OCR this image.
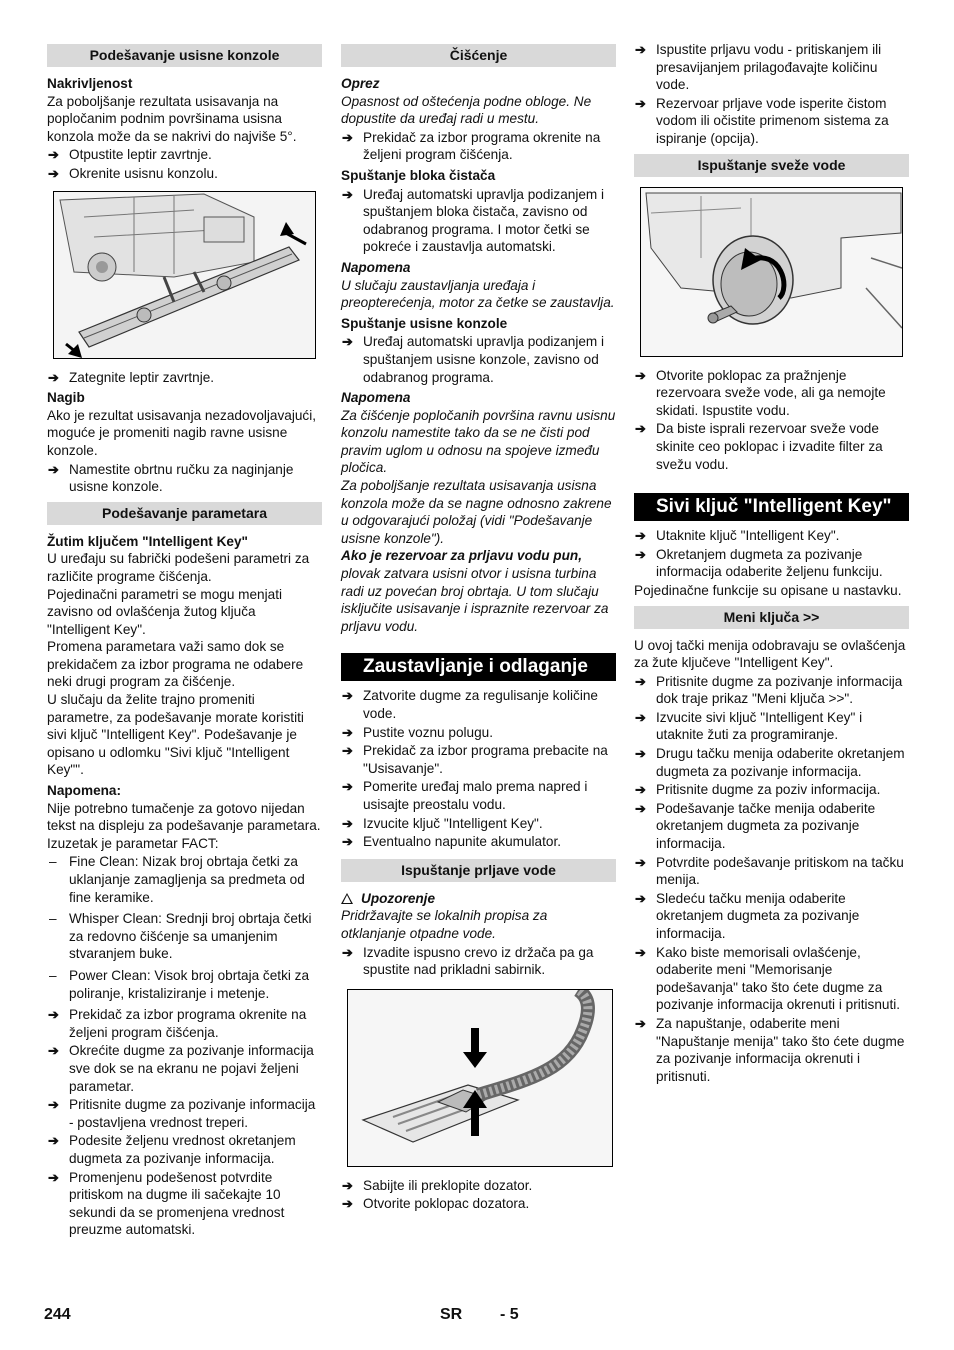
Podešavanje usisne konzole
Nakrivljenost
Za poboljšanje rezultata usisavanja na popločanim podnim površinama usisna konzola može da se nakrivi do najviše 5°.
➔ Otpustite leptir zavrtnje.
➔ Okrenite usisnu konzolu.
➔ Zategnite leptir zavrtnje.
Nagib
Ako je rezultat usisavanja nezadovoljavajući, moguće je promeniti nagib ravne usisne konzole.
➔ Namestite obrtnu ručku za naginjanje usisne konzole.
Podešavanje parametara
Žutim ključem "Intelligent Key"
U uređaju su fabrički podešeni parametri za različite programe čišćenja.
Pojedinačni parametri se mogu menjati zavisno od ovlašćenja žutog ključa "Intelligent Key".
Promena parametara važi samo dok se prekidačem za izbor programa ne odabere neki drugi program za čišćenje.
U slučaju da želite trajno promeniti parametre, za podešavanje morate koristiti sivi ključ "Intelligent Key". Podešavanje je opisano u odlomku "Sivi ključ "Intelligent Key"".
Napomena:
Nije potrebno tumačenje za gotovo nijedan tekst na displeju za podešavanje parametara. Izuzetak je parametar FACT:
– Fine Clean: Nizak broj obrtaja četki za uklanjanje zamagljenja sa predmeta od fine keramike.
– Whisper Clean: Srednji broj obrtaja četki za redovno čišćenje sa umanjenim stvaranjem buke.
– Power Clean: Visok broj obrtaja četki za poliranje, kristaliziranje i metenje.
➔ Prekidač za izbor programa okrenite na željeni program čišćenja.
➔ Okrećite dugme za pozivanje informacija sve dok se na ekranu ne pojavi željeni parametar.
➔ Pritisnite dugme za pozivanje informacija - postavljena vrednost treperi.
➔ Podesite željenu vrednost okretanjem dugmeta za pozivanje informacija.
➔ Promenjenu podešenost potvrdite pritiskom na dugme ili sačekajte 10 sekundi da se promenjena vrednost preuzme automatski.
Čišćenje
Oprez
Opasnost od oštećenja podne obloge. Ne dopustite da uređaj radi u mestu.
➔ Prekidač za izbor programa okrenite na željeni program čišćenja.
Spuštanje bloka čistača
➔ Uređaj automatski upravlja podizanjem i spuštanjem bloka čistača, zavisno od odabranog programa. I motor četki se pokreće i zaustavlja automatski.
Napomena
U slučaju zaustavljanja uređaja i preopterećenja, motor za četke se zaustavlja.
Spuštanje usisne konzole
➔ Uređaj automatski upravlja podizanjem i spuštanjem usisne konzole, zavisno od odabranog programa.
Napomena
Za čišćenje popločanih površina ravnu usisnu konzolu namestite tako da se ne čisti pod pravim uglom u odnosu na spojeve između pločica.
Za poboljšanje rezultata usisavanja usisna konzola može da se nagne odnosno zakrene u odgovarajući položaj (vidi "Podešavanje usisne konzole").
Ako je rezervoar za prljavu vodu pun,
plovak zatvara usisni otvor i usisna turbina radi uz povećan broj obrtaja. U tom slučaju isključite usisavanje i ispraznite rezervoar za prljavu vodu.
Zaustavljanje i odlaganje
➔ Zatvorite dugme za regulisanje količine vode.
➔ Pustite voznu polugu.
➔ Prekidač za izbor programa prebacite na "Usisavanje".
➔ Pomerite uređaj malo prema napred i usisajte preostalu vodu.
➔ Izvucite ključ "Intelligent Key".
➔ Eventualno napunite akumulator.
Ispuštanje prljave vode
Upozorenje
Pridržavajte se lokalnih propisa za otklanjanje otpadne vode.
➔ Izvadite ispusno crevo iz držača pa ga spustite nad prikladni sabirnik.
➔ Sabijte ili preklopite dozator.
➔ Otvorite poklopac dozatora.
➔ Ispustite prljavu vodu - pritiskanjem ili presavijanjem prilagođavajte količinu vode.
➔ Rezervoar prljave vode isperite čistom vodom ili očistite primenom sistema za ispiranje (opcija).
Ispuštanje sveže vode
➔ Otvorite poklopac za pražnjenje rezervoara sveže vode, ali ga nemojte skidati. Ispustite vodu.
➔ Da biste isprali rezervoar sveže vode skinite ceo poklopac i izvadite filter za svežu vodu.
Sivi ključ "Intelligent Key"
➔ Utaknite ključ "Intelligent Key".
➔ Okretanjem dugmeta za pozivanje informacija odaberite željenu funkciju.
Pojedinačne funkcije su opisane u nastavku.
Meni ključa >>
U ovoj tački menija odobravaju se ovlašćenja za žute ključeve "Intelligent Key".
➔ Pritisnite dugme za pozivanje informacija dok traje prikaz "Meni ključa >>".
➔ Izvucite sivi ključ "Intelligent Key" i utaknite žuti za programiranje.
➔ Drugu tačku menija odaberite okretanjem dugmeta za pozivanje informacija.
➔ Pritisnite dugme za poziv informacija.
➔ Podešavanje tačke menija odaberite okretanjem dugmeta za pozivanje informacija.
➔ Potvrdite podešavanje pritiskom na tačku menija.
➔ Sledeću tačku menija odaberite okretanjem dugmeta za pozivanje informacija.
➔ Kako biste memorisali ovlašćenje, odaberite meni "Memorisanje podešavanja" tako što ćete dugme za pozivanje informacija okrenuti i pritisnuti.
➔ Za napuštanje, odaberite meni "Napuštanje menija" tako što ćete dugme za pozivanje informacija okrenuti i pritisnuti.
244	SR - 5
